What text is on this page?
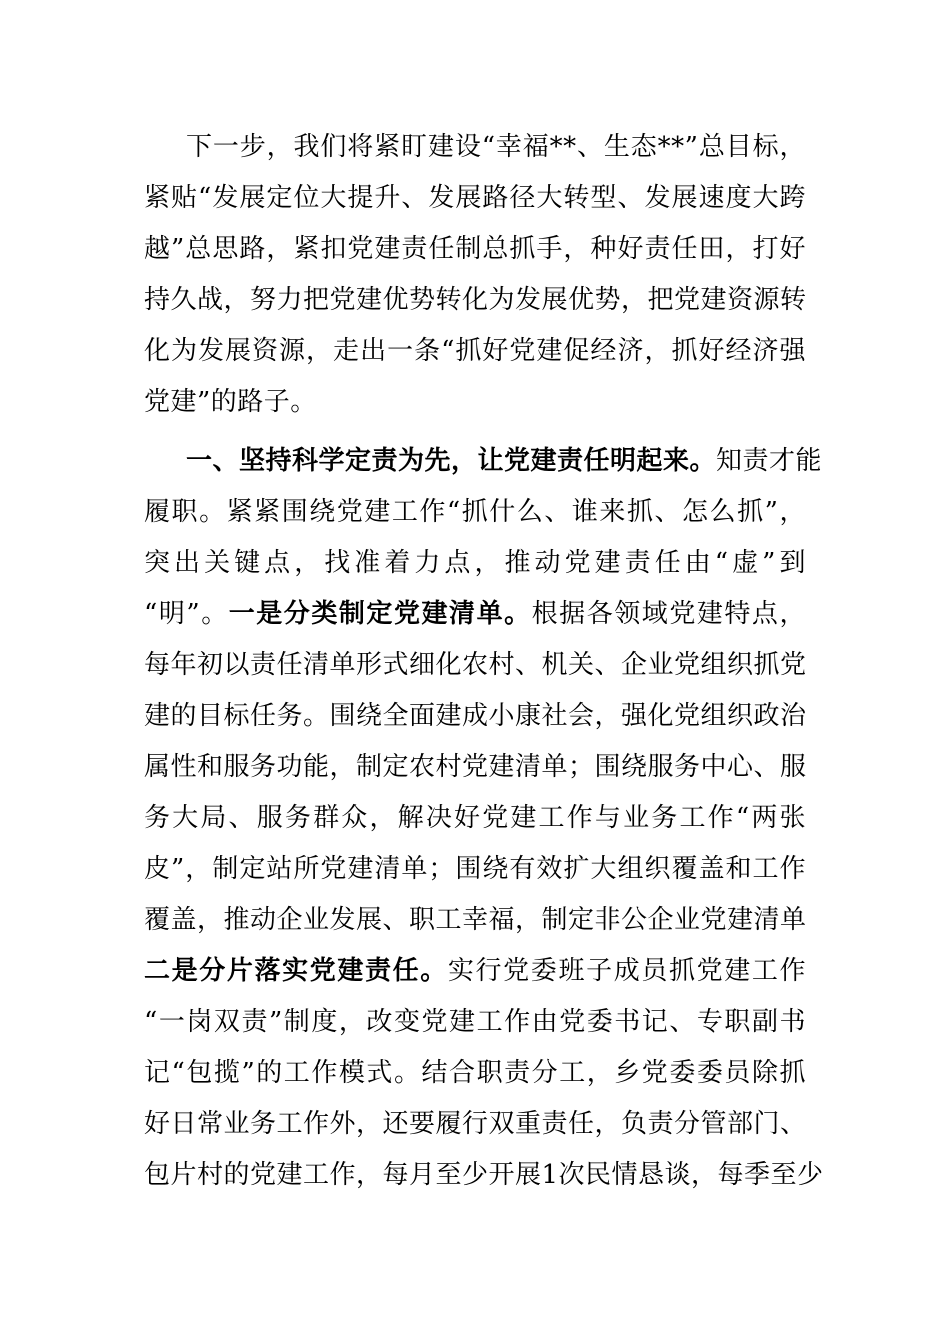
下一步，我们将紧盯建设“幸福**、生态**”总目标，
紧贴“发展定位大提升、发展路径大转型、发展速度大跨
越”总思路，紧扣党建责任制总抓手，种好责任田，打好
持久战，努力把党建优势转化为发展优势，把党建资源转
化为发展资源，走出一条“抓好党建促经济，抓好经济强
党建”的路子。
一、坚持科学定责为先，让党建责任明起来。知责才能
履职。紧紧围绕党建工作“抓什么、谁来抓、怎么抓”，
突出关键点，找准着力点，推动党建责任由“虚”到
“明”。一是分类制定党建清单。根据各领域党建特点，
每年初以责任清单形式细化农村、机关、企业党组织抓党
建的目标任务。围绕全面建成小康社会，强化党组织政治
属性和服务功能，制定农村党建清单；围绕服务中心、服
务大局、服务群众，解决好党建工作与业务工作“两张
皮”，制定站所党建清单；围绕有效扩大组织覆盖和工作
覆盖，推动企业发展、职工幸福，制定非公企业党建清单
二是分片落实党建责任。实行党委班子成员抓党建工作
“一岗双责”制度，改变党建工作由党委书记、专职副书
记“包揽”的工作模式。结合职责分工，乡党委委员除抓
好日常业务工作外，还要履行双重责任，负责分管部门、
包片村的党建工作，每月至少开展1次民情恳谈，每季至少
